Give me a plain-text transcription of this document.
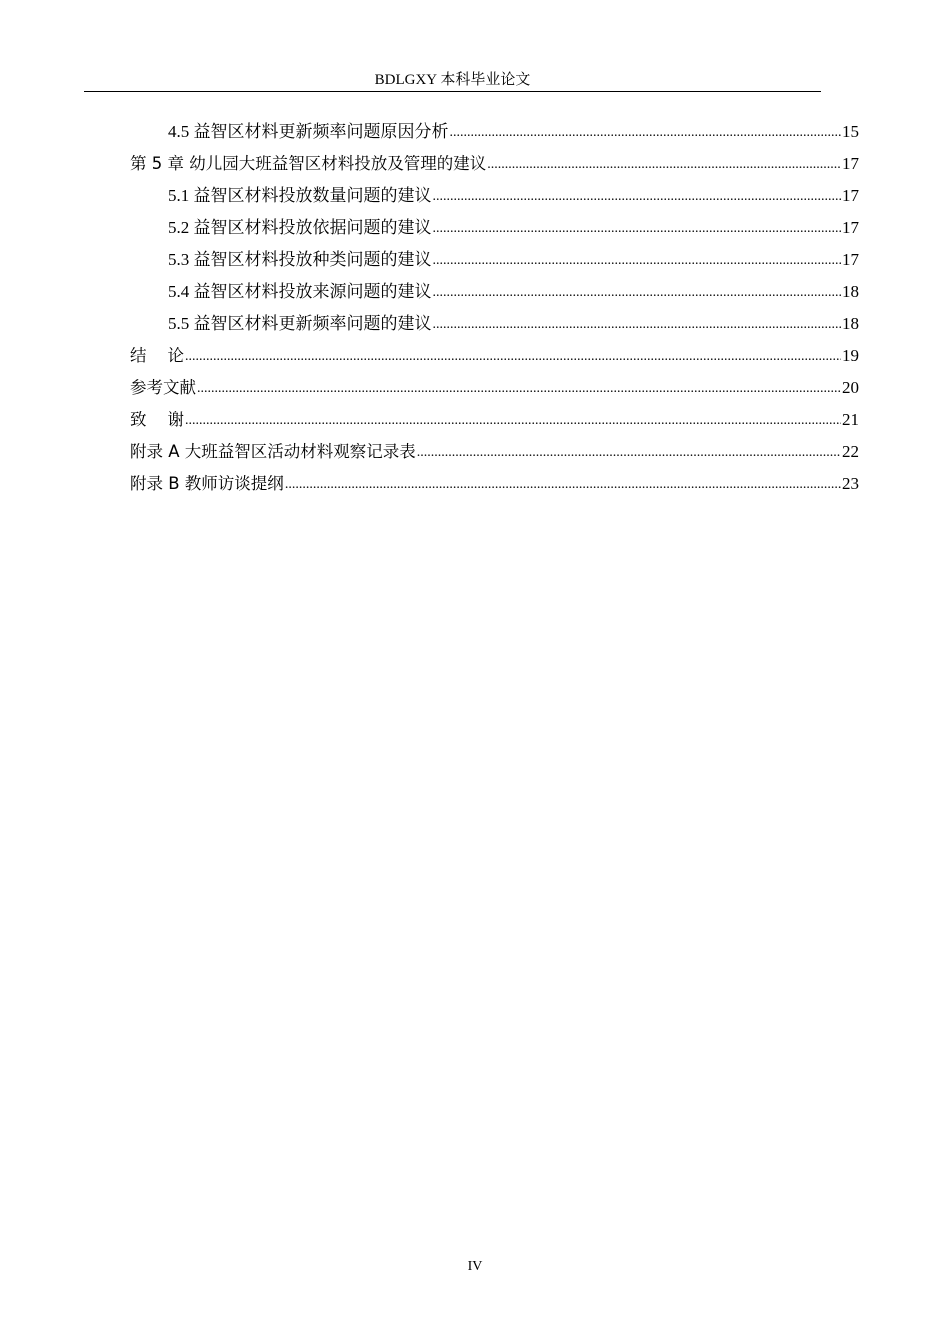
BDLGXY 本科毕业论文
4.5 益智区材料更新频率问题原因分析 .....	15
第 5 章 幼儿园大班益智区材料投放及管理的建议 .....	17
5.1 益智区材料投放数量问题的建议 .....	17
5.2 益智区材料投放依据问题的建议 .....	17
5.3 益智区材料投放种类问题的建议 .....	17
5.4 益智区材料投放来源问题的建议 .....	18
5.5 益智区材料更新频率问题的建议 .....	18
结    论 .....	19
参考文献 .....	20
致    谢 .....	21
附录 A 大班益智区活动材料观察记录表 .....	22
附录 B 教师访谈提纲 .....	23
IV
